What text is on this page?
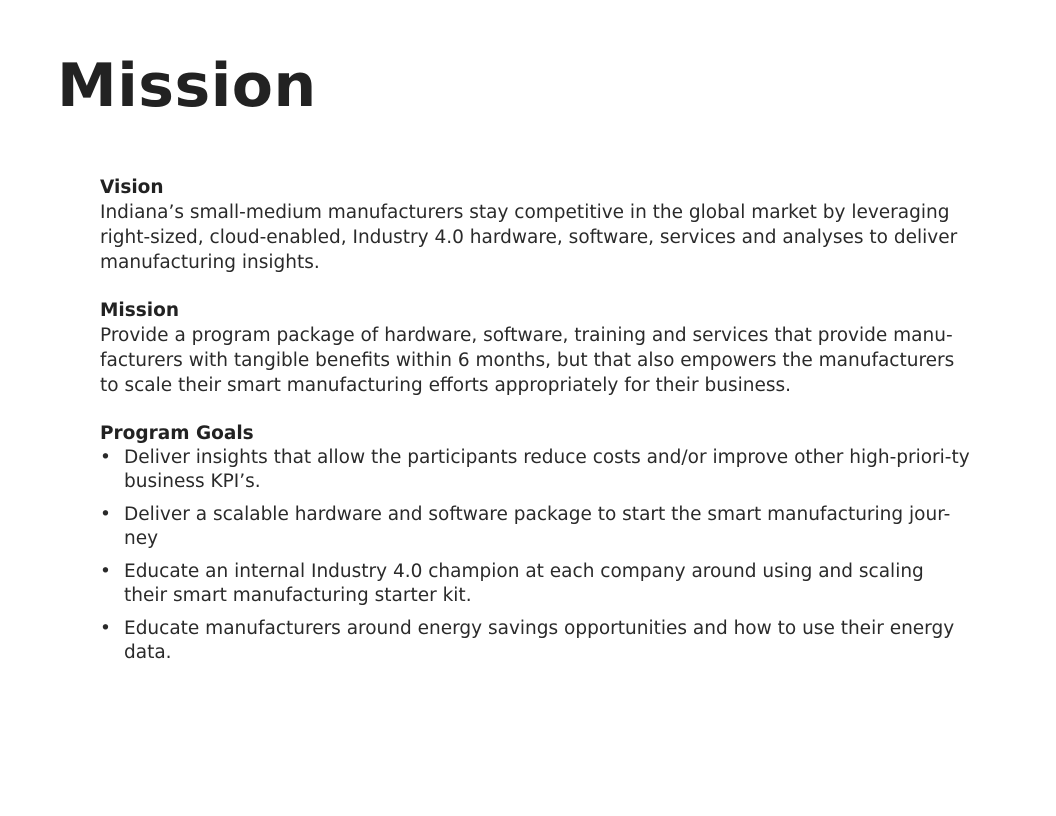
Mission
Vision
Indiana’s small-medium manufacturers stay competitive in the global market by leveraging right-sized, cloud-enabled, Industry 4.0 hardware, software, services and analyses to deliver manufacturing insights.
Mission
Provide a program package of hardware, software, training and services that provide manu-facturers with tangible benefits within 6 months, but that also empowers the manufacturers to scale their smart manufacturing efforts appropriately for their business.
Program Goals
• Deliver insights that allow the participants reduce costs and/or improve other high-priori-ty business KPI’s.
• Deliver a scalable hardware and software package to start the smart manufacturing jour-ney
• Educate an internal Industry 4.0 champion at each company around using and scaling their smart manufacturing starter kit.
• Educate manufacturers around energy savings opportunities and how to use their energy data.
